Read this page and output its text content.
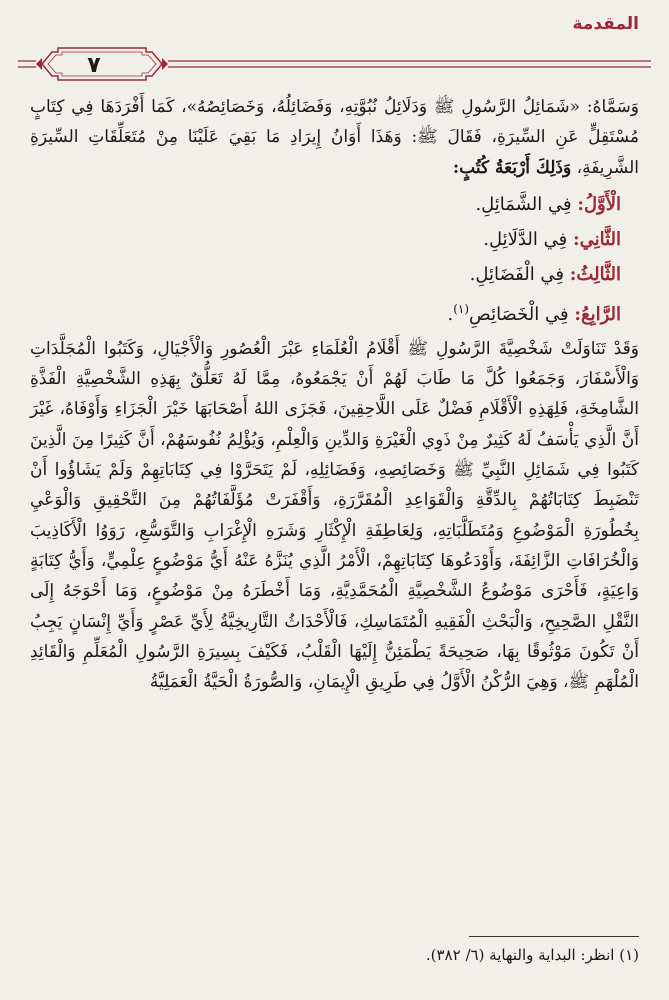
المقدمة
٧

وَسَمَّاهُ: «شَمَائِلُ الرَّسُولِ ﷺ وَدَلَائِلُ نُبُوَّتِهِ، وَفَضَائِلُهُ، وَخَصَائِصُهُ»، كَمَا أَفْرَدَهَا فِي كِتَابٍ مُسْتَقِلٍّ عَنِ السِّيرَةِ، فَقَالَ ﷺ: وَهَذَا أَوَانُ إِيرَادِ مَا بَقِيَ عَلَيْنَا مِنْ مُتَعَلِّقَاتِ السِّيرَةِ الشَّرِيفَةِ، وَذَلِكَ أَرْبَعَةُ كُتُبٍ:

الْأَوَّلُ: فِي الشَّمَائِلِ.
الثَّانِي: فِي الدَّلَائِلِ.
الثَّالِثُ: فِي الْفَضَائِلِ.
الرَّابِعُ: فِي الْخَصَائِصِ$^{(١)}$.

وَقَدْ تَنَاوَلَتْ شَخْصِيَّةَ الرَّسُولِ ﷺ أَقْلَامُ الْعُلَمَاءِ عَبْرَ الْعُصُورِ وَالْأَجْيَالِ، وَكَتَبُوا الْمُجَلَّدَاتِ وَالْأَسْفَارَ، وَجَمَعُوا كُلَّ مَا طَابَ لَهُمْ أَنْ يَجْمَعُوهُ، مِمَّا لَهُ تَعَلُّقٌ بِهَذِهِ الشَّخْصِيَّةِ الْفَذَّةِ الشَّامِخَةِ، فَلِهَذِهِ الْأَقْلَامِ فَضْلٌ عَلَى اللَّاحِقِينَ، فَجَزَى اللهُ أَصْحَابَهَا خَيْرَ الْجَزَاءِ وَأَوْفَاهُ، غَيْرَ أَنَّ الَّذِي يَأْسَفُ لَهُ كَثِيرٌ مِنْ ذَوِي الْغَيْرَةِ وَالدِّينِ وَالْعِلْمِ، وَيُؤْلِمُ نُفُوسَهُمْ، أَنَّ كَثِيرًا مِنَ الَّذِينَ كَتَبُوا فِي شَمَائِلِ النَّبِيِّ ﷺ وَخَصَائِصِهِ، وَفَضَائِلِهِ، لَمْ يَتَحَرَّوْا فِي كِتَابَاتِهِمْ وَلَمْ يَشَاؤُوا أَنْ تَنْضَبِطَ كِتَابَاتُهُمْ بِالدِّقَّةِ وَالْقَوَاعِدِ الْمُقَرَّرَةِ، وَأَقْفَرَتْ مُؤَلَّفَاتُهُمْ مِنَ التَّحْقِيقِ وَالْوَعْيِ بِخُطُورَةِ الْمَوْضُوعِ وَمُتَطَلَّبَاتِهِ، وَلِعَاطِفَةِ الْإِكْثَارِ وَشَرَهِ الْإِغْرَابِ وَالتَّوَسُّعِ، رَوَوُا الْأَكَاذِيبَ وَالْخُرَافَاتِ الزَّائِفَةَ، وَأَوْدَعُوهَا كِتَابَاتِهِمْ، الْأَمْرُ الَّذِي يُنَزَّهُ عَنْهُ أَيُّ مَوْضُوعٍ عِلْمِيٍّ، وَأَيُّ كِتَابَةٍ وَاعِيَةٍ، فَأَحْرَى مَوْضُوعُ الشَّخْصِيَّةِ الْمُحَمَّدِيَّةِ، وَمَا أَخْطَرَهُ مِنْ مَوْضُوعٍ، وَمَا أَحْوَجَهُ إِلَى النَّقْلِ الصَّحِيحِ، وَالْبَحْثِ الْفَقِيهِ الْمُتَمَاسِكِ، فَالْأَحْدَاثُ التَّارِيخِيَّةُ لِأَيِّ عَصْرٍ وَأَيِّ إِنْسَانٍ يَجِبُ أَنْ تَكُونَ مَوْثُوقًا بِهَا، صَحِيحَةً يَطْمَئِنُّ إِلَيْهَا الْقَلْبُ، فَكَيْفَ بِسِيرَةِ الرَّسُولِ الْمُعَلِّمِ وَالْقَائِدِ الْمُلْهَمِ ﷺ، وَهِيَ الرُّكْنُ الْأَوَّلُ فِي طَرِيقِ الْإِيمَانِ، وَالصُّورَةُ الْحَيَّةُ الْعَمَلِيَّةُ

(١) انظر: البداية والنهاية (٦/ ٣٨٢).
